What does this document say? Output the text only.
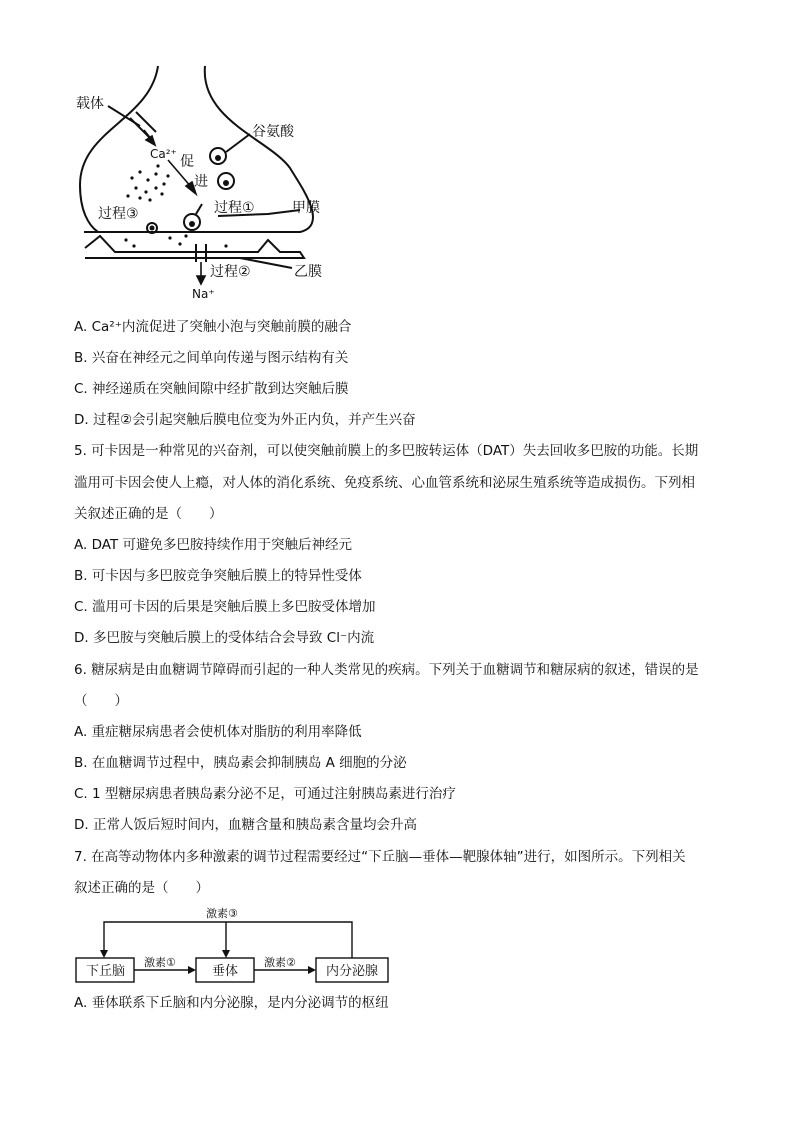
载体
Ca²⁺ 促
进
谷氨酸
过程①
过程③	甲膜
过程②	乙膜
Na⁺
A. Ca²⁺内流促进了突触小泡与突触前膜的融合
B. 兴奋在神经元之间单向传递与图示结构有关
C. 神经递质在突触间隙中经扩散到达突触后膜
D. 过程②会引起突触后膜电位变为外正内负，并产生兴奋
5. 可卡因是一种常见的兴奋剂，可以使突触前膜上的多巴胺转运体（DAT）失去回收多巴胺的功能。长期
滥用可卡因会使人上瘾，对人体的消化系统、免疫系统、心血管系统和泌尿生殖系统等造成损伤。下列相
关叙述正确的是（　　）
A. DAT 可避免多巴胺持续作用于突触后神经元
B. 可卡因与多巴胺竞争突触后膜上的特异性受体
C. 滥用可卡因的后果是突触后膜上多巴胺受体增加
D. 多巴胺与突触后膜上的受体结合会导致 Cl⁻内流
6. 糖尿病是由血糖调节障碍而引起的一种人类常见的疾病。下列关于血糖调节和糖尿病的叙述，错误的是
（　　）
A. 重症糖尿病患者会使机体对脂肪的利用率降低
B. 在血糖调节过程中，胰岛素会抑制胰岛 A 细胞的分泌
C. 1 型糖尿病患者胰岛素分泌不足，可通过注射胰岛素进行治疗
D. 正常人饭后短时间内，血糖含量和胰岛素含量均会升高
7. 在高等动物体内多种激素的调节过程需要经过“下丘脑—垂体—靶腺体轴”进行，如图所示。下列相关
叙述正确的是（　　）
下丘脑	垂体	内分泌腺
激素①	激素②
激素③
A. 垂体联系下丘脑和内分泌腺，是内分泌调节的枢纽
